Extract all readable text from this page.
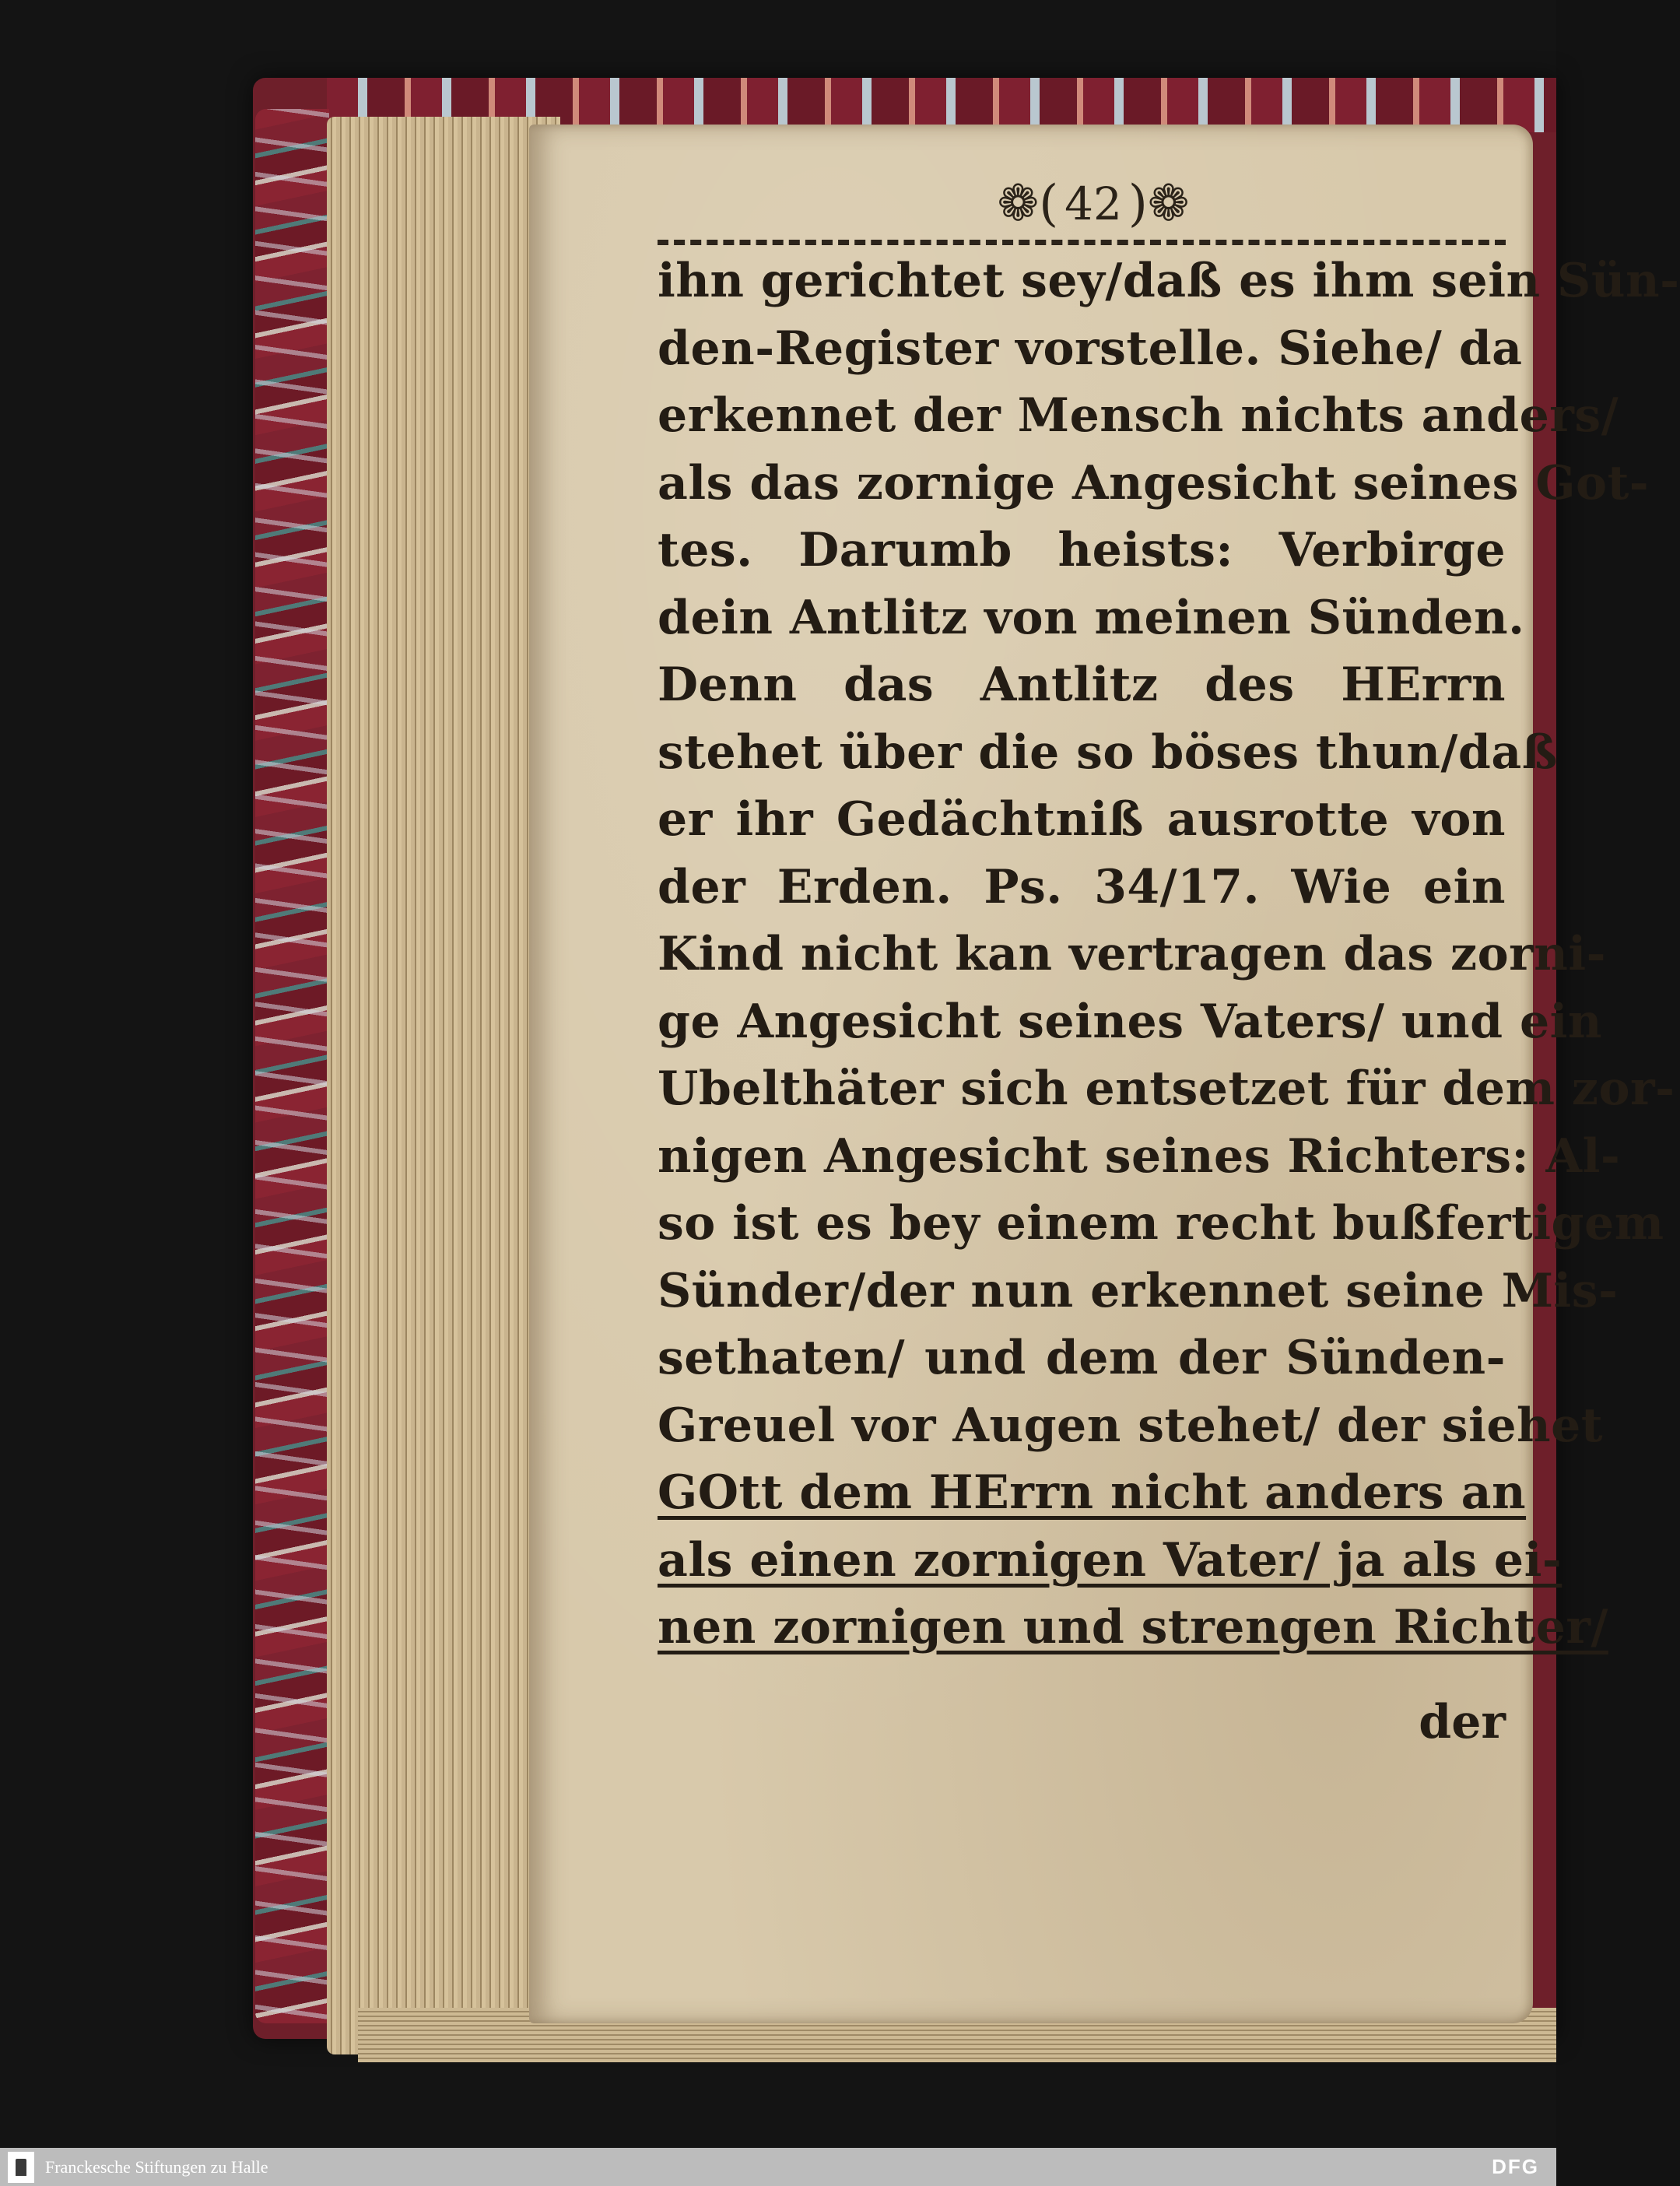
❁( 42 )❁
ihn gerichtet sey/daß es ihm sein Sün-
den-Register vorstelle. Siehe/ da
erkennet der Mensch nichts anders/
als das zornige Angesicht seines Got-
tes. Darumb heists: Verbirge
dein Antlitz von meinen Sünden.
Denn das Antlitz des HErrn
stehet über die so böses thun/daß
er ihr Gedächtniß ausrotte von
der Erden. Ps. 34/17. Wie ein
Kind nicht kan vertragen das zorni-
ge Angesicht seines Vaters/ und ein
Ubelthäter sich entsetzet für dem zor-
nigen Angesicht seines Richters: Al-
so ist es bey einem recht bußfertigem
Sünder/der nun erkennet seine Mis-
sethaten/ und dem der Sünden-
Greuel vor Augen stehet/ der siehet
GOtt dem HErrn nicht anders an
als einen zornigen Vater/ ja als ei-
nen zornigen und strengen Richter/
der
Franckesche Stiftungen zu Halle	DFG
